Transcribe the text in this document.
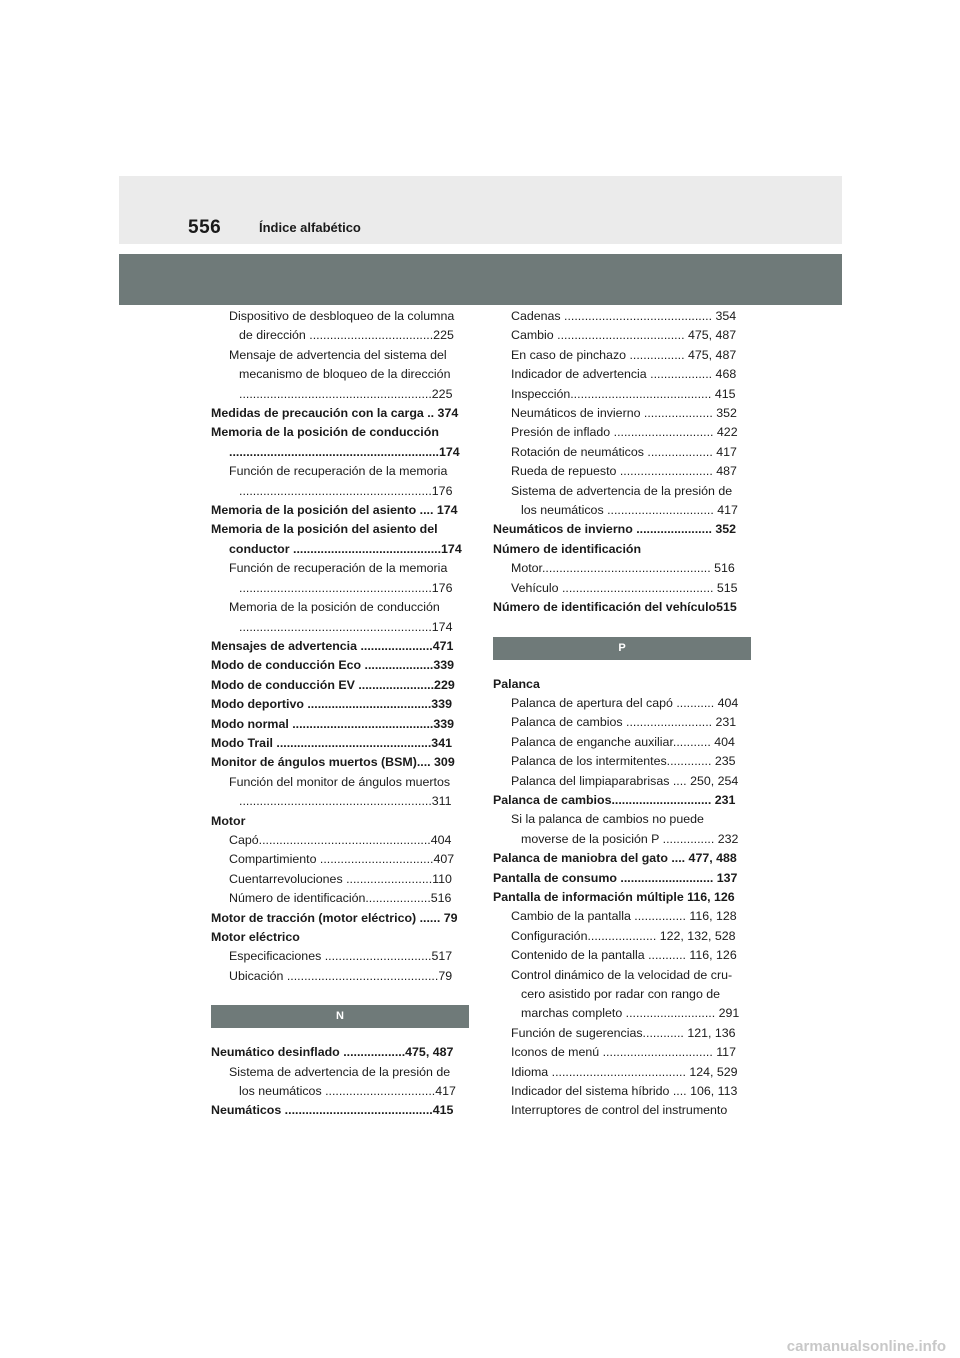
556	Índice alfabético
Dispositivo de desbloqueo de la columna
de dirección ....................................225
Mensaje de advertencia del sistema del
mecanismo de bloqueo de la dirección
........................................................225
Medidas de precaución con la carga .. 374
Memoria de la posición de conducción
.............................................................174
Función de recuperación de la memoria
........................................................176
Memoria de la posición del asiento .... 174
Memoria de la posición del asiento del
conductor ...........................................174
Función de recuperación de la memoria
........................................................176
Memoria de la posición de conducción
........................................................174
Mensajes de advertencia .....................471
Modo de conducción Eco ....................339
Modo de conducción EV ......................229
Modo deportivo ....................................339
Modo normal .........................................339
Modo Trail .............................................341
Monitor de ángulos muertos (BSM).... 309
Función del monitor de ángulos muertos
........................................................311
Motor
Capó..................................................404
Compartimiento .................................407
Cuentarrevoluciones .........................110
Número de identificación...................516
Motor de tracción (motor eléctrico) ...... 79
Motor eléctrico
Especificaciones ...............................517
Ubicación ............................................79
N
Neumático desinflado ..................475, 487
Sistema de advertencia de la presión de
los neumáticos ................................417
Neumáticos ...........................................415
Cadenas ........................................... 354
Cambio ..................................... 475, 487
En caso de pinchazo ................ 475, 487
Indicador de advertencia .................. 468
Inspección......................................... 415
Neumáticos de invierno .................... 352
Presión de inflado ............................. 422
Rotación de neumáticos ................... 417
Rueda de repuesto ........................... 487
Sistema de advertencia de la presión de
los neumáticos ............................... 417
Neumáticos de invierno ...................... 352
Número de identificación
Motor................................................. 516
Vehículo ............................................ 515
Número de identificación del vehículo515
P
Palanca
Palanca de apertura del capó ........... 404
Palanca de cambios ......................... 231
Palanca de enganche auxiliar........... 404
Palanca de los intermitentes............. 235
Palanca del limpiaparabrisas .... 250, 254
Palanca de cambios............................. 231
Si la palanca de cambios no puede
moverse de la posición P ............... 232
Palanca de maniobra del gato .... 477, 488
Pantalla de consumo ........................... 137
Pantalla de información múltiple 116, 126
Cambio de la pantalla ............... 116, 128
Configuración.................... 122, 132, 528
Contenido de la pantalla ........... 116, 126
Control dinámico de la velocidad de cru-
cero asistido por radar con rango de
marchas completo .......................... 291
Función de sugerencias............ 121, 136
Iconos de menú ................................ 117
Idioma ....................................... 124, 529
Indicador del sistema híbrido .... 106, 113
Interruptores de control del instrumento
carmanualsonline.info
